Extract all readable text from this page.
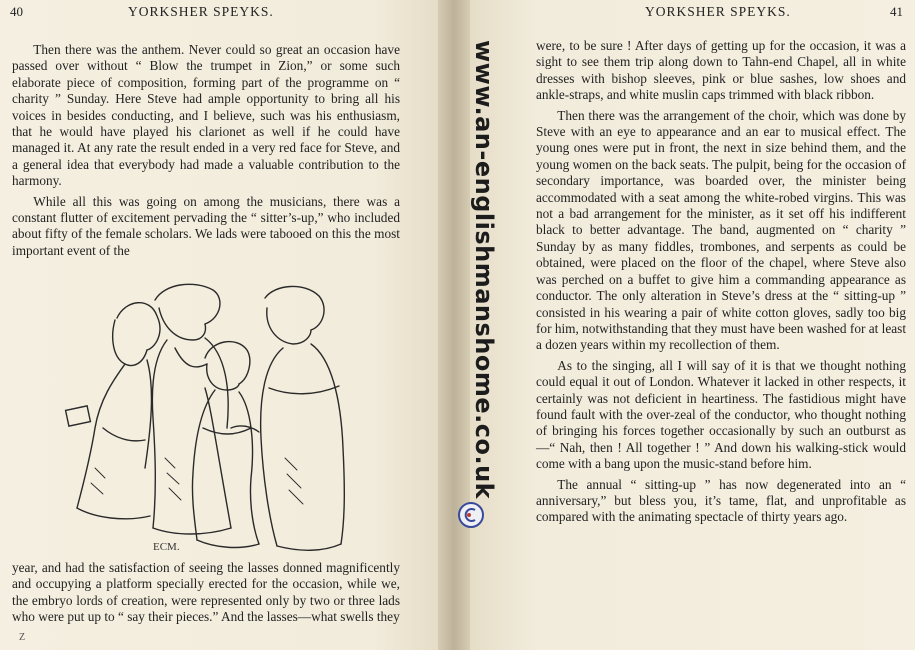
40	YORKSHER SPEYKS.

Then there was the anthem. Never could so great an occasion have passed over without “ Blow the trumpet in Zion,” or some such elaborate piece of composition, forming part of the programme on “ charity ” Sunday. Here Steve had ample opportunity to bring all his voices in besides conducting, and I believe, such was his enthusiasm, that he would have played his clarionet as well if he could have managed it. At any rate the result ended in a very red face for Steve, and a general idea that everybody had made a valuable contribution to the harmony.

While all this was going on among the musicians, there was a constant flutter of excitement pervading the “ sitter’s-up,” who included about fifty of the female scholars. We lads were tabooed on this the most important event of the

ECM.

year, and had the satisfaction of seeing the lasses donned magnificently and occupying a platform specially erected for the occasion, while we, the embryo lords of creation, were represented only by two or three lads who were put up to “ say their pieces.” And the lasses—what swells they

Z
YORKSHER SPEYKS.	41

were, to be sure ! After days of getting up for the occasion, it was a sight to see them trip along down to Tahn-end Chapel, all in white dresses with bishop sleeves, pink or blue sashes, low shoes and ankle-straps, and white muslin caps trimmed with black ribbon.

Then there was the arrangement of the choir, which was done by Steve with an eye to appearance and an ear to musical effect. The young ones were put in front, the next in size behind them, and the young women on the back seats. The pulpit, being for the occasion of secondary importance, was boarded over, the minister being accommodated with a seat among the white-robed virgins. This was not a bad arrangement for the minister, as it set off his indifferent black to better advantage. The band, augmented on “ charity ” Sunday by as many fiddles, trombones, and serpents as could be obtained, were placed on the floor of the chapel, where Steve also was perched on a buffet to give him a commanding appearance as conductor. The only alteration in Steve’s dress at the “ sitting-up ” consisted in his wearing a pair of white cotton gloves, sadly too big for him, notwithstanding that they must have been washed for at least a dozen years within my recollection of them.

As to the singing, all I will say of it is that we thought nothing could equal it out of London. Whatever it lacked in other respects, it certainly was not deficient in heartiness. The fastidious might have found fault with the over-zeal of the conductor, who thought nothing of bringing his forces together occasionally by such an outburst as—“ Nah, then ! All together ! ” And down his walking-stick would come with a bang upon the music-stand before him.

The annual “ sitting-up ” has now degenerated into an “ anniversary,” but bless you, it’s tame, flat, and unprofitable as compared with the animating spectacle of thirty years ago.

www.an-englishmanshome.co.uk
